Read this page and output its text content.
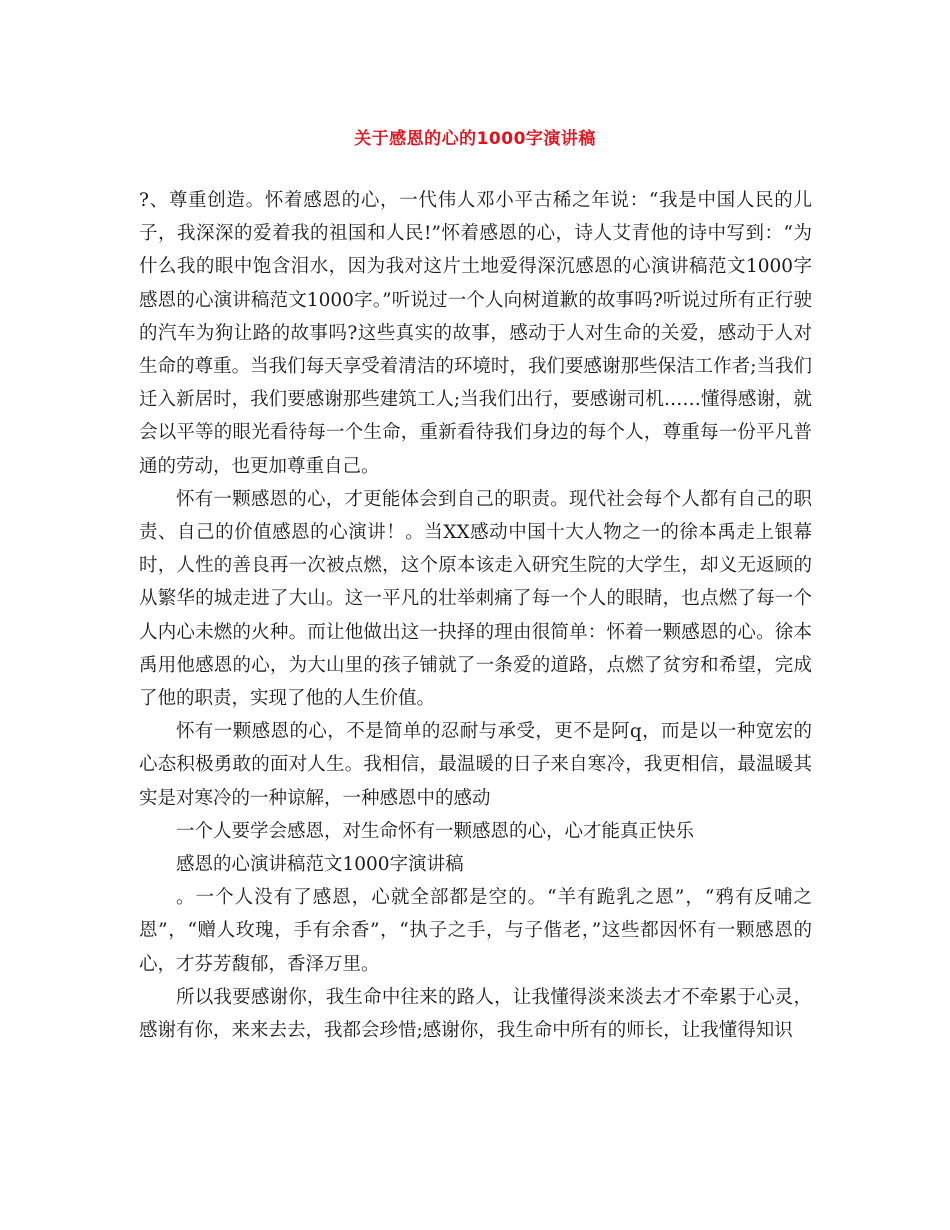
关于感恩的心的1000字演讲稿

?、尊重创造。怀着感恩的心，一代伟人邓小平古稀之年说：“我是中国人民的儿子，我深深的爱着我的祖国和人民!”怀着感恩的心，诗人艾青他的诗中写到：“为什么我的眼中饱含泪水，因为我对这片土地爱得深沉感恩的心演讲稿范文1000字感恩的心演讲稿范文1000字。”听说过一个人向树道歉的故事吗?听说过所有正行驶的汽车为狗让路的故事吗?这些真实的故事，感动于人对生命的关爱，感动于人对生命的尊重。当我们每天享受着清洁的环境时，我们要感谢那些保洁工作者;当我们迁入新居时，我们要感谢那些建筑工人;当我们出行，要感谢司机……懂得感谢，就会以平等的眼光看待每一个生命，重新看待我们身边的每个人，尊重每一份平凡普通的劳动，也更加尊重自己。

怀有一颗感恩的心，才更能体会到自己的职责。现代社会每个人都有自己的职责、自己的价值感恩的心演讲！。当XX感动中国十大人物之一的徐本禹走上银幕时，人性的善良再一次被点燃，这个原本该走入研究生院的大学生，却义无返顾的从繁华的城走进了大山。这一平凡的壮举刺痛了每一个人的眼睛，也点燃了每一个人内心未燃的火种。而让他做出这一抉择的理由很简单：怀着一颗感恩的心。徐本禹用他感恩的心，为大山里的孩子铺就了一条爱的道路，点燃了贫穷和希望，完成了他的职责，实现了他的人生价值。

怀有一颗感恩的心，不是简单的忍耐与承受，更不是阿q，而是以一种宽宏的心态积极勇敢的面对人生。我相信，最温暖的日子来自寒冷，我更相信，最温暖其实是对寒冷的一种谅解，一种感恩中的感动

一个人要学会感恩，对生命怀有一颗感恩的心，心才能真正快乐

感恩的心演讲稿范文1000字演讲稿

。一个人没有了感恩，心就全部都是空的。“羊有跪乳之恩”，“鸦有反哺之恩”，“赠人玫瑰，手有余香”，“执子之手，与子偕老，”这些都因怀有一颗感恩的心，才芬芳馥郁，香泽万里。

所以我要感谢你，我生命中往来的路人，让我懂得淡来淡去才不牵累于心灵，感谢有你，来来去去，我都会珍惜;感谢你，我生命中所有的师长，让我懂得知识
